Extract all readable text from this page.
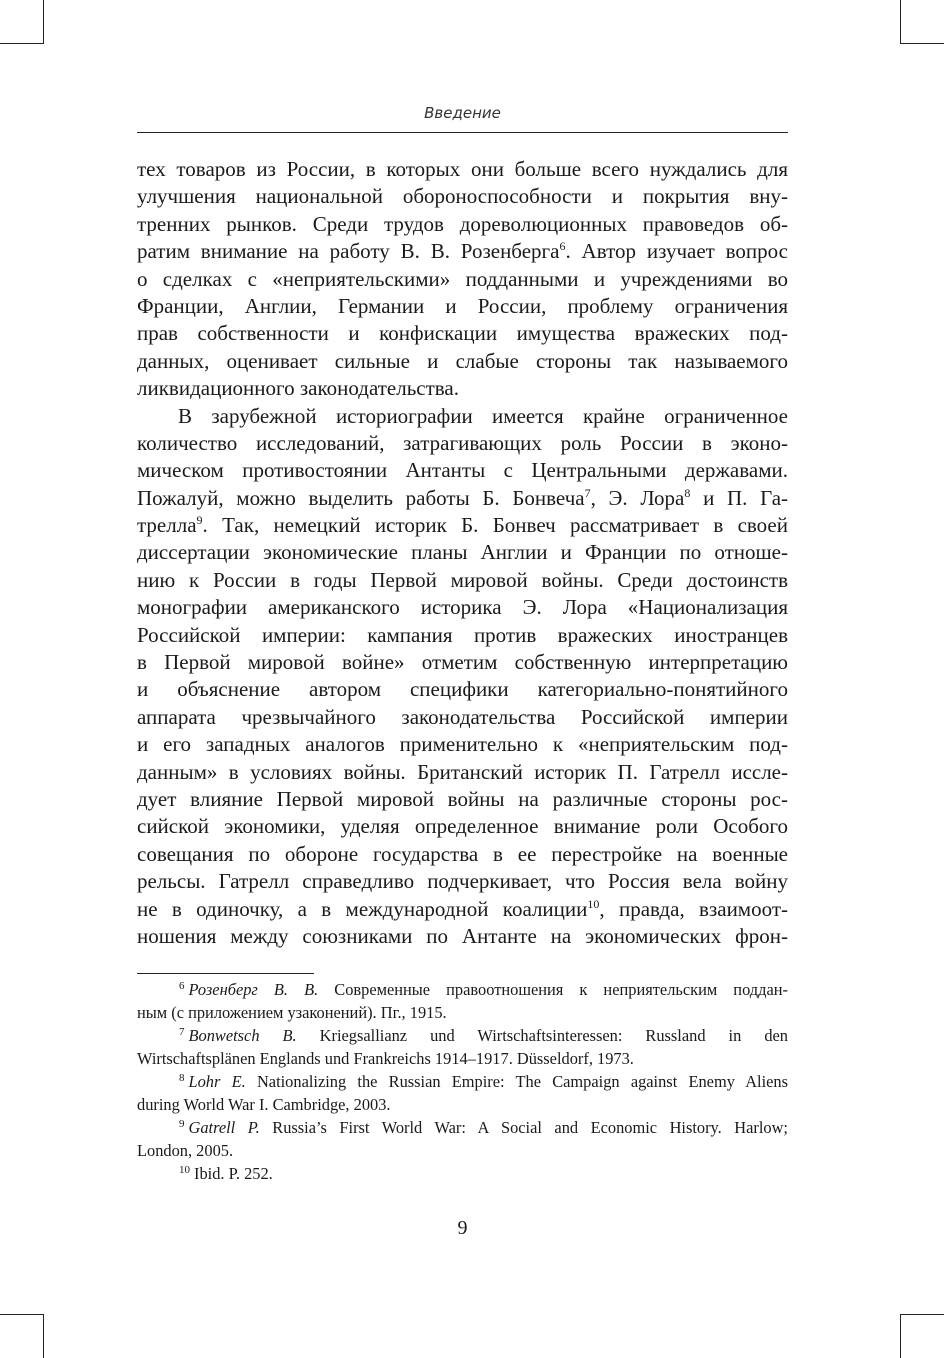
Введение
тех товаров из России, в которых они больше всего нуждались для
улучшения национальной обороноспособности и покрытия вну-
тренних рынков. Среди трудов дореволюционных правоведов об-
ратим внимание на работу В. В. Розенберга$^6$. Автор изучает вопрос
о сделках с «неприятельскими» подданными и учреждениями во
Франции, Англии, Германии и России, проблему ограничения
прав собственности и конфискации имущества вражеских под-
данных, оценивает сильные и слабые стороны так называемого
ликвидационного законодательства.
В зарубежной историографии имеется крайне ограниченное
количество исследований, затрагивающих роль России в эконо-
мическом противостоянии Антанты с Центральными державами.
Пожалуй, можно выделить работы Б. Бонвеча$^7$, Э. Лора$^8$ и П. Га-
трелла$^9$. Так, немецкий историк Б. Бонвеч рассматривает в своей
диссертации экономические планы Англии и Франции по отноше-
нию к России в годы Первой мировой войны. Среди достоинств
монографии американского историка Э. Лора «Национализация
Российской империи: кампания против вражеских иностранцев
в Первой мировой войне» отметим собственную интерпретацию
и объяснение автором специфики категориально-понятийного
аппарата чрезвычайного законодательства Российской империи
и его западных аналогов применительно к «неприятельским под-
данным» в условиях войны. Британский историк П. Гатрелл иссле-
дует влияние Первой мировой войны на различные стороны рос-
сийской экономики, уделяя определенное внимание роли Особого
совещания по обороне государства в ее перестройке на военные
рельсы. Гатрелл справедливо подчеркивает, что Россия вела войну
не в одиночку, а в международной коалиции$^{10}$, правда, взаимоот-
ношения между союзниками по Антанте на экономических фрон-
$^6$ Розенберг В. В. Современные правоотношения к неприятельским поддан-
ным (с приложением узаконений). Пг., 1915.
$^7$ Bonwetsch B. Kriegsallianz und Wirtschaftsinteressen: Russland in den
Wirtschaftsplänen Englands und Frankreichs 1914–1917. Düsseldorf, 1973.
$^8$ Lohr E. Nationalizing the Russian Empire: The Campaign against Enemy Aliens
during World War I. Cambridge, 2003.
$^9$ Gatrell P. Russia’s First World War: A Social and Economic History. Harlow;
London, 2005.
$^{10}$ Ibid. P. 252.
9
